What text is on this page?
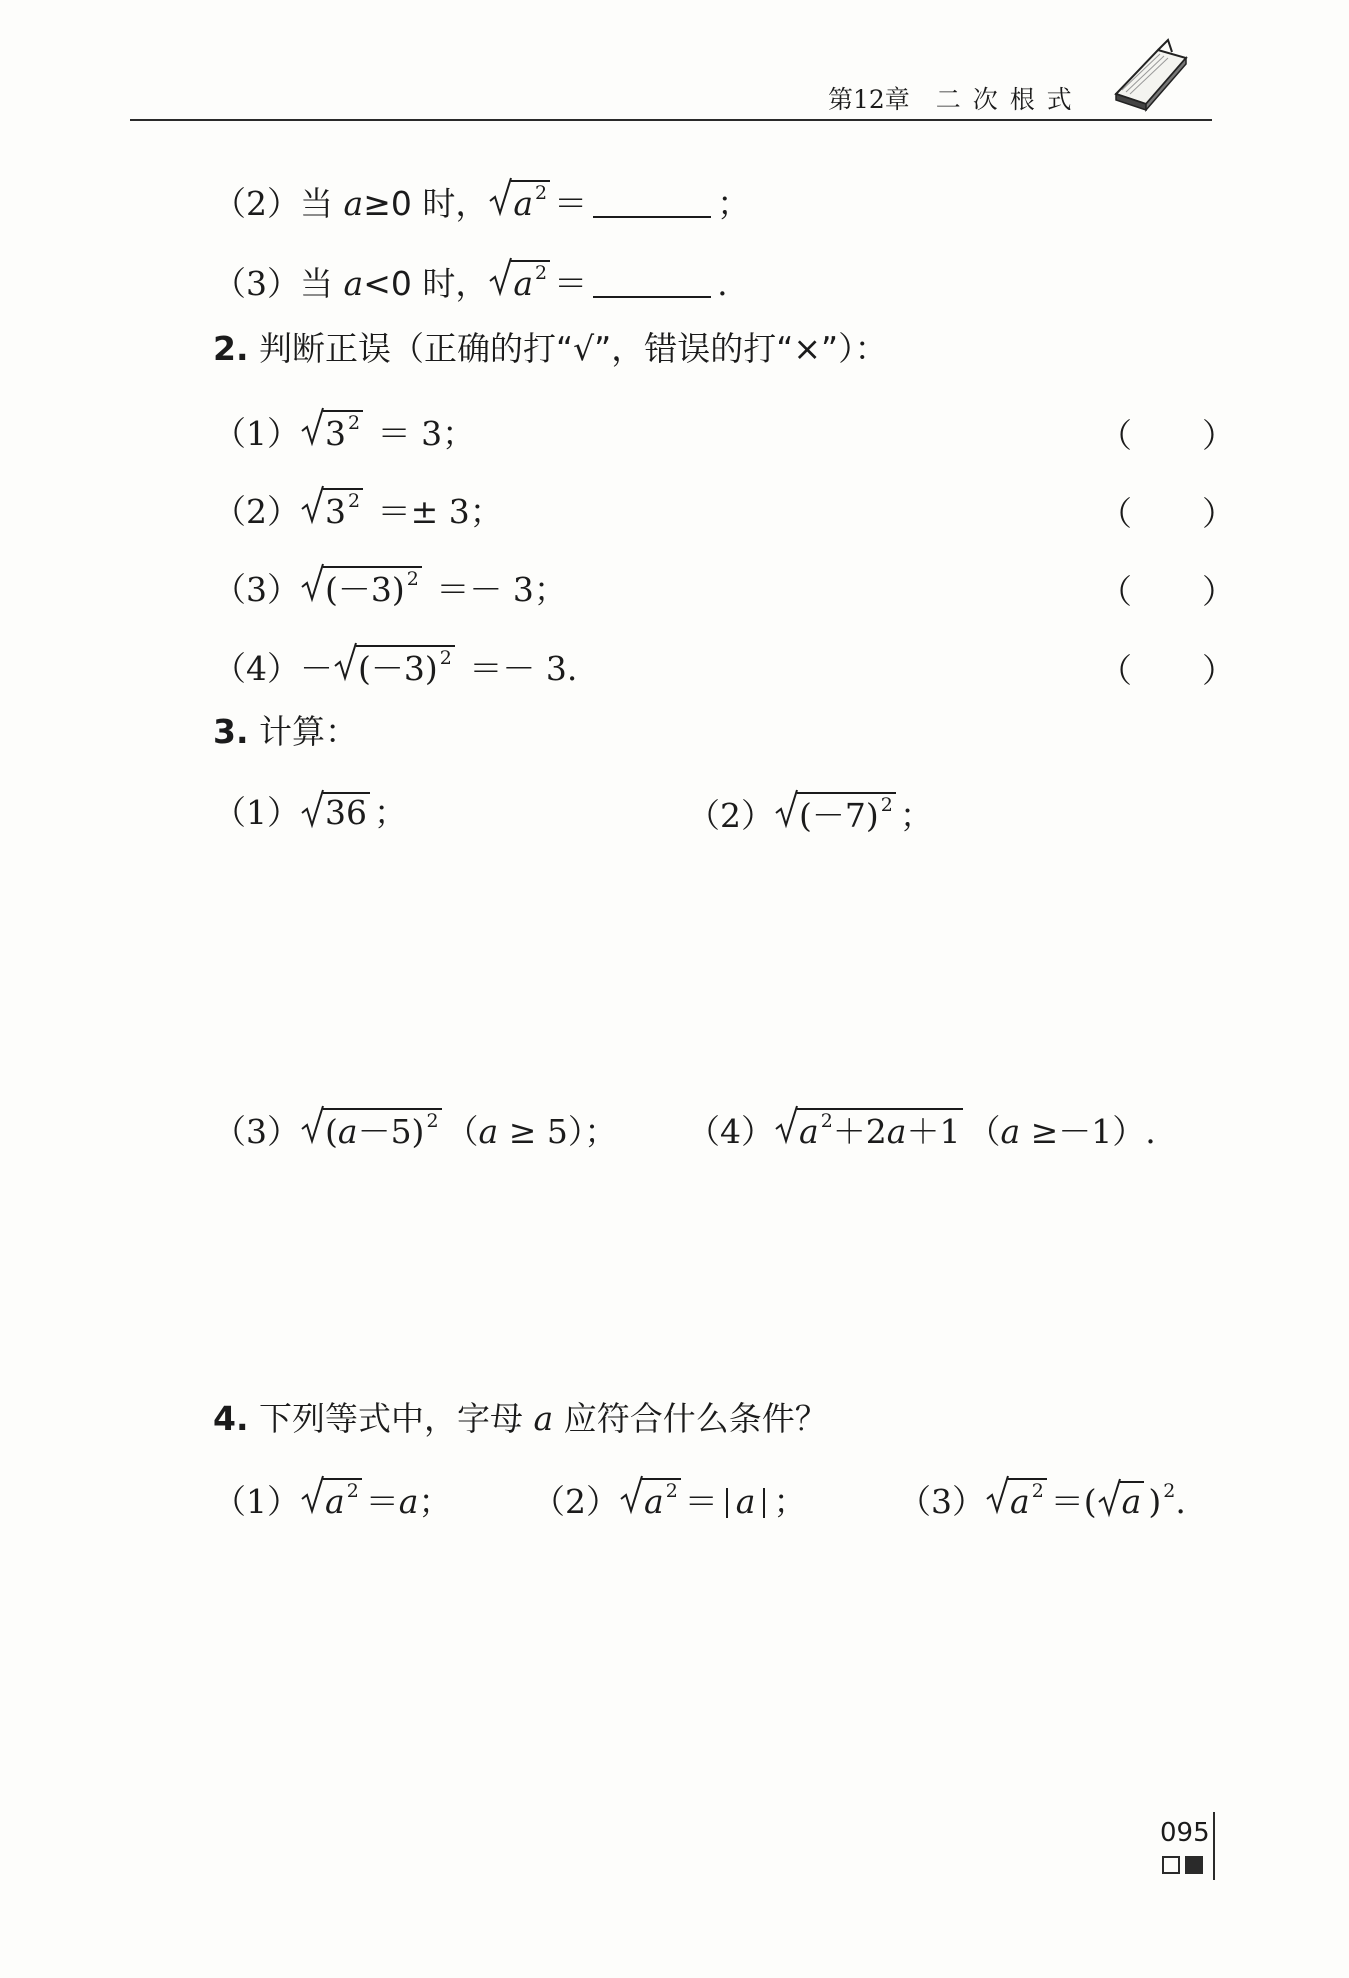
第12章 二 次 根 式
（2）当 a≥0 时， a $^2$ ＝	；
（3）当 a<0 时， a $^2$ ＝	.
2. 判断正误（正确的打“√”，错误的打“×”）：
（1） 3 $^2$ ＝ 3；	（ ）
（2） 3 $^2$ ＝± 3；	（ ）
（3） (－3) $^2$ ＝－ 3；	（ ）
（4）－ (－3) $^2$ ＝－ 3.	（ ）
3. 计算：
（1） 36 ；	（2） (－7) $^2$ ；
（3） (a－5) $^2$ （a ≥ 5）； （4） a $^2$＋2a＋1 （a ≥－1）.
4. 下列等式中，字母 a 应符合什么条件？
（1） a $^2$ ＝a； （2） a $^2$ ＝ a ；	（3） a $^2$ ＝( a ) $^2$.
095
